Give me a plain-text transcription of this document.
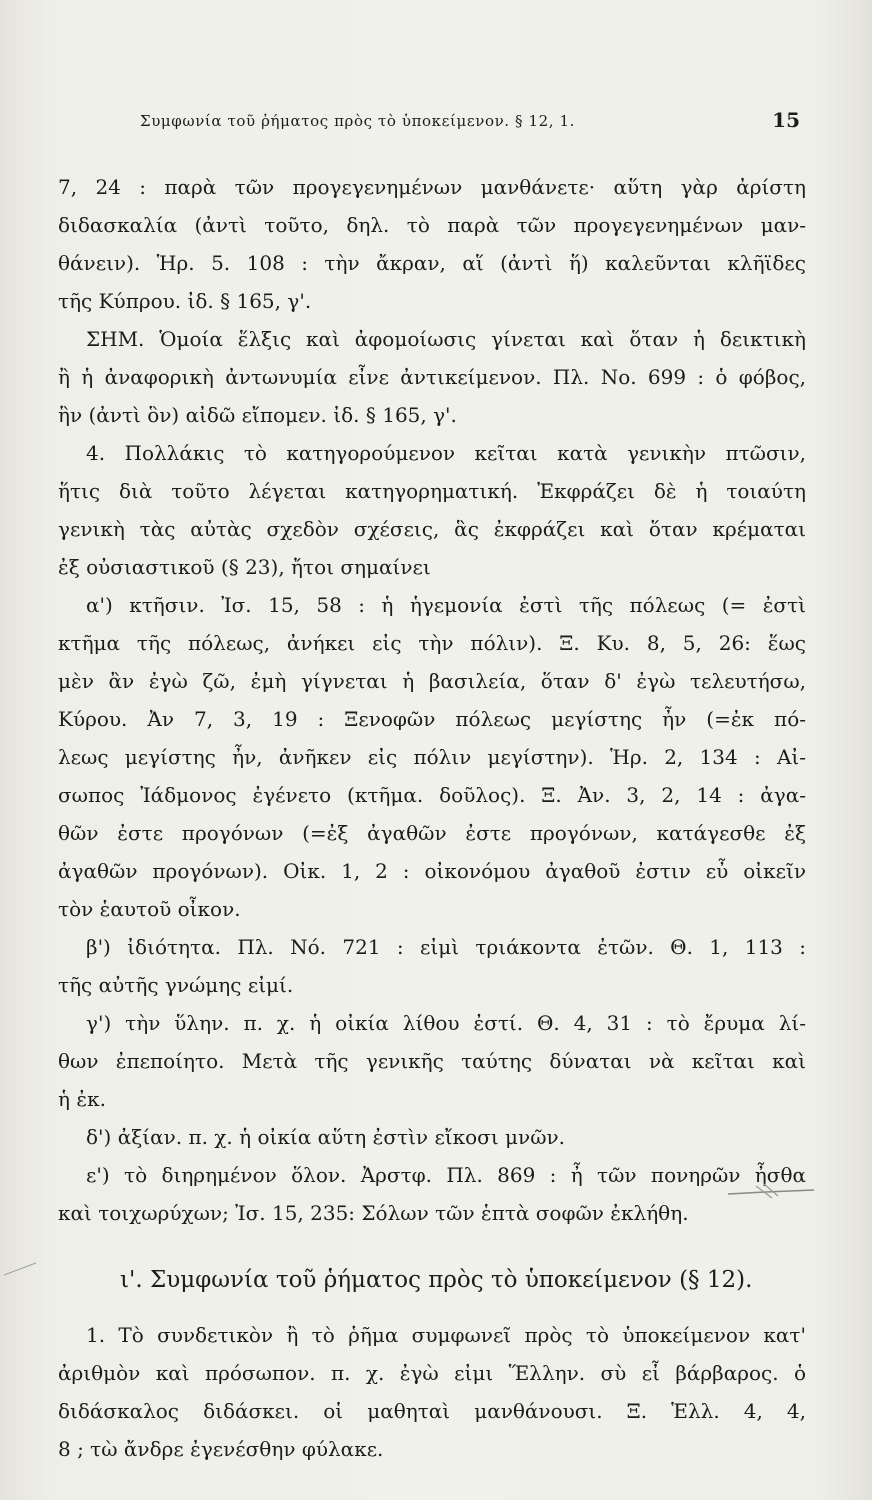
Συμφωνία τοῦ ῥήματος πρὸς τὸ ὑποκείμενον. § 12, 1.	15
7, 24 : παρὰ τῶν προγεγενημένων μανθάνετε· αὕτη γὰρ ἀρίστη
διδασκαλία (ἀντὶ τοῦτο, δηλ. τὸ παρὰ τῶν προγεγενημένων μαν-
θάνειν). Ἡρ. 5. 108 : τὴν ἄκραν, αἵ (ἀντὶ ἥ) καλεῦνται κλῆϊδες
τῆς Κύπρου. ἰδ. § 165, γ'.
ΣΗΜ. Ὁμοία ἕλξις καὶ ἀφομοίωσις γίνεται καὶ ὅταν ἡ δεικτικὴ
ἢ ἡ ἀναφορικὴ ἀντωνυμία εἶνε ἀντικείμενον. Πλ. Νο. 699 : ὁ φόβος,
ἣν (ἀντὶ ὃν) αἰδῶ εἴπομεν. ἰδ. § 165, γ'.
4. Πολλάκις τὸ κατηγορούμενον κεῖται κατὰ γενικὴν πτῶσιν,
ἥτις διὰ τοῦτο λέγεται κατηγορηματική. Ἐκφράζει δὲ ἡ τοιαύτη
γενικὴ τὰς αὐτὰς σχεδὸν σχέσεις, ἃς ἐκφράζει καὶ ὅταν κρέμαται
ἐξ οὐσιαστικοῦ (§ 23), ἤτοι σημαίνει
α') κτῆσιν. Ἰσ. 15, 58 : ἡ ἡγεμονία ἐστὶ τῆς πόλεως (= ἐστὶ
κτῆμα τῆς πόλεως, ἀνήκει εἰς τὴν πόλιν). Ξ. Κυ. 8, 5, 26: ἕως
μὲν ἂν ἐγὼ ζῶ, ἐμὴ γίγνεται ἡ βασιλεία, ὅταν δ' ἐγὼ τελευτήσω,
Κύρου. Ἀν 7, 3, 19 : Ξενοφῶν πόλεως μεγίστης ἦν (=ἐκ πό-
λεως μεγίστης ἦν, ἀνῆκεν εἰς πόλιν μεγίστην). Ἡρ. 2, 134 : Αἰ-
σωπος Ἰάδμονος ἐγένετο (κτῆμα. δοῦλος). Ξ. Ἀν. 3, 2, 14 : ἀγα-
θῶν ἐστε προγόνων (=ἐξ ἀγαθῶν ἐστε προγόνων, κατάγεσθε ἐξ
ἀγαθῶν προγόνων). Οἰκ. 1, 2 : οἰκονόμου ἀγαθοῦ ἐστιν εὖ οἰκεῖν
τὸν ἑαυτοῦ οἶκον.
β') ἰδιότητα. Πλ. Νό. 721 : εἰμὶ τριάκοντα ἐτῶν. Θ. 1, 113 :
τῆς αὐτῆς γνώμης εἰμί.
γ') τὴν ὕλην. π. χ. ἡ οἰκία λίθου ἐστί. Θ. 4, 31 : τὸ ἔρυμα λί-
θων ἐπεποίητο. Μετὰ τῆς γενικῆς ταύτης δύναται νὰ κεῖται καὶ
ἡ ἐκ.
δ') ἀξίαν. π. χ. ἡ οἰκία αὕτη ἐστὶν εἴκοσι μνῶν.
ε') τὸ διηρημένον ὅλον. Ἀρστφ. Πλ. 869 : ἦ τῶν πονηρῶν ἦσθα
καὶ τοιχωρύχων; Ἰσ. 15, 235: Σόλων τῶν ἑπτὰ σοφῶν ἐκλήθη.
ι'. Συμφωνία τοῦ ῥήματος πρὸς τὸ ὑποκείμενον (§ 12).
1. Τὸ συνδετικὸν ἢ τὸ ῥῆμα συμφωνεῖ πρὸς τὸ ὑποκείμενον κατ'
ἀριθμὸν καὶ πρόσωπον. π. χ. ἐγὼ εἰμι Ἕλλην. σὺ εἶ βάρβαρος. ὁ
διδάσκαλος διδάσκει. οἱ μαθηταὶ μανθάνουσι. Ξ. Ἑλλ. 4, 4,
8 ; τὼ ἄνδρε ἐγενέσθην φύλακε.
